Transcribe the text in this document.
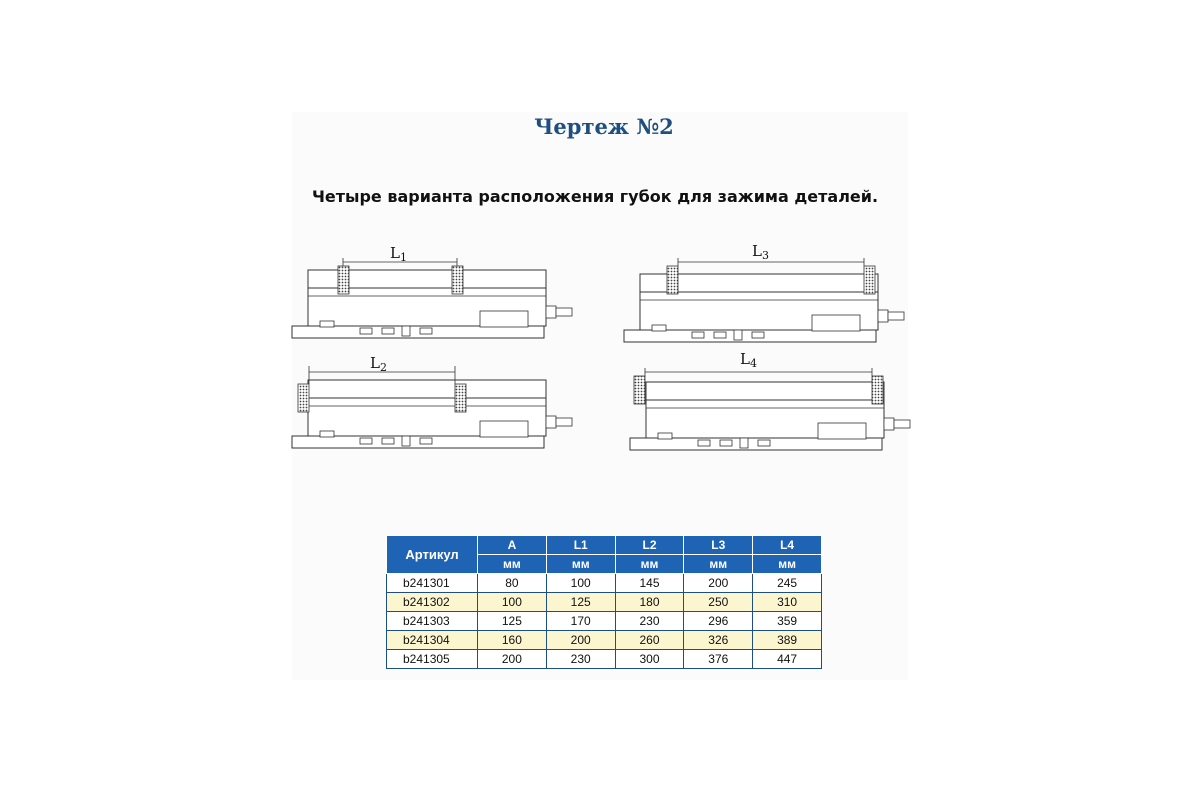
Чертеж №2
Четыре варианта расположения губок для зажима деталей.
$L_1$
$L_2$
$L_3$
$L_4$
Артикул	A	L1	L2	L3	L4
	мм	мм	мм	мм	мм
b241301	80	100	145	200	245
b241302	100	125	180	250	310
b241303	125	170	230	296	359
b241304	160	200	260	326	389
b241305	200	230	300	376	447
